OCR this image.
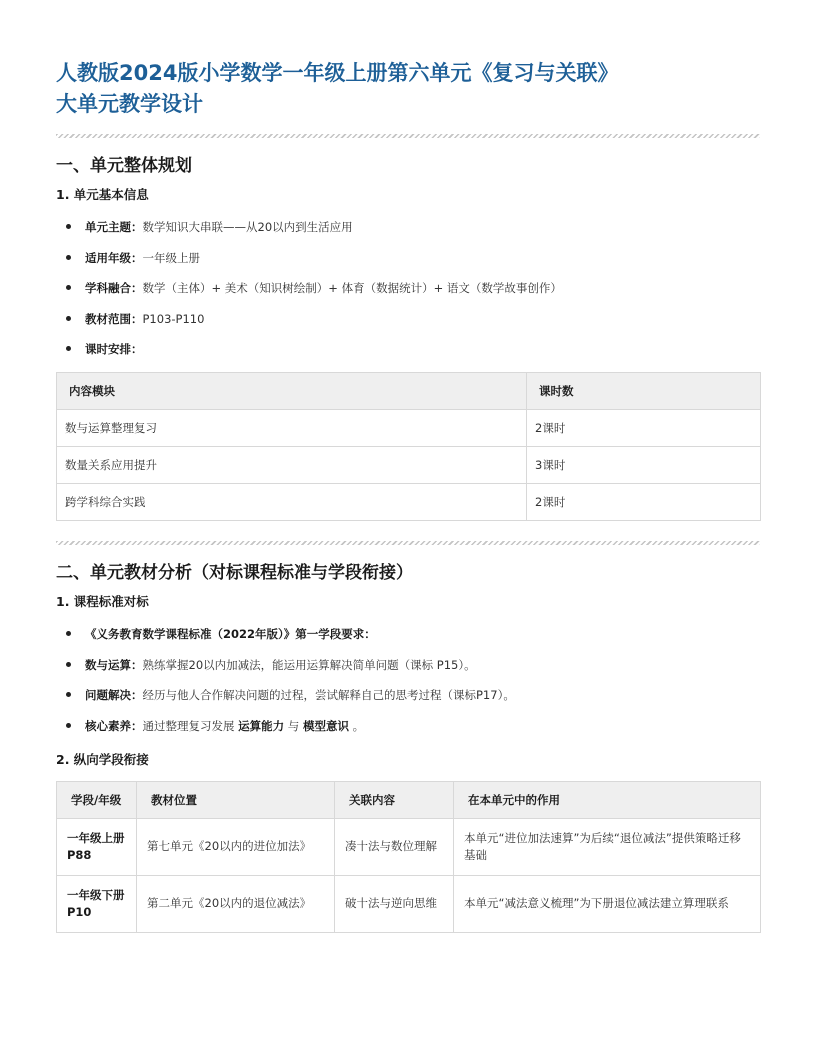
人教版2024版小学数学一年级上册第六单元《复习与关联》
大单元教学设计
一、单元整体规划
1. 单元基本信息
单元主题：数学知识大串联——从20以内到生活应用
适用年级：一年级上册
学科融合：数学（主体）+ 美术（知识树绘制）+ 体育（数据统计）+ 语文（数学故事创作）
教材范围：P103-P110
课时安排：
内容模块	课时数
数与运算整理复习	2课时
数量关系应用提升	3课时
跨学科综合实践	2课时
二、单元教材分析（对标课程标准与学段衔接）
1. 课程标准对标
《义务教育数学课程标准（2022年版）》第一学段要求：
数与运算：熟练掌握20以内加减法，能运用运算解决简单问题（课标 P15）。
问题解决：经历与他人合作解决问题的过程，尝试解释自己的思考过程（课标P17）。
核心素养：通过整理复习发展 运算能力 与 模型意识 。
2. 纵向学段衔接
学段/年级	教材位置	关联内容	在本单元中的作用
一年级上册P88	第七单元《20以内的进位加法》	凑十法与数位理解	本单元“进位加法速算”为后续“退位减法”提供策略迁移基础
一年级下册P10	第二单元《20以内的退位减法》	破十法与逆向思维	本单元“减法意义梳理”为下册退位减法建立算理联系
